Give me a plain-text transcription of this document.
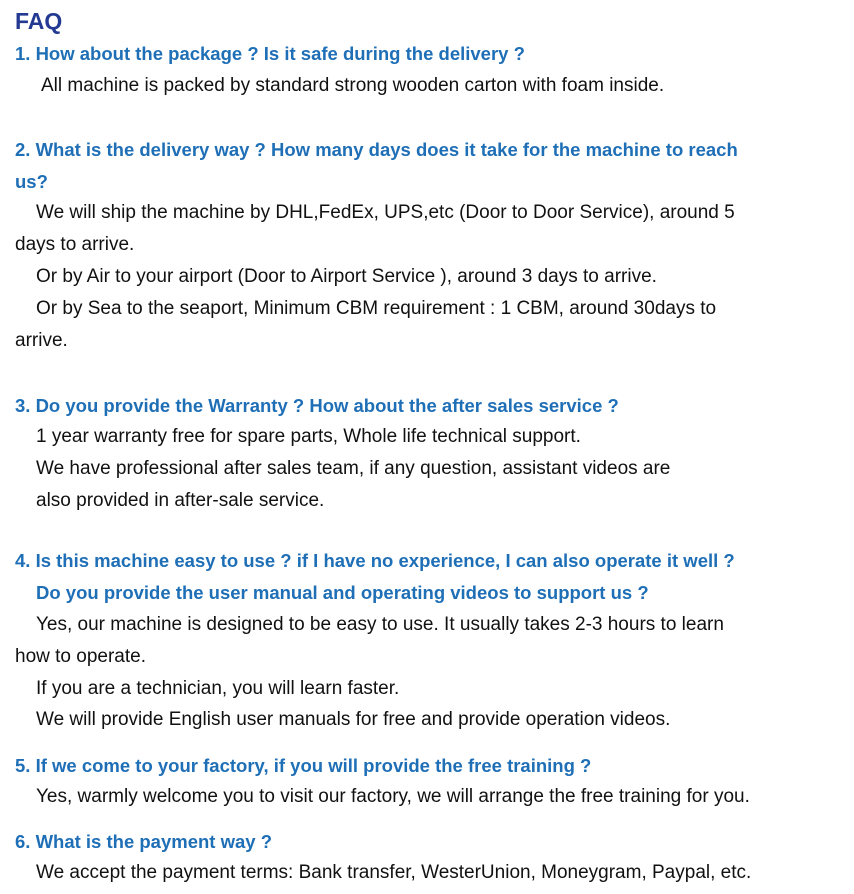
FAQ

1. How about the package ? Is it safe during the delivery ?

All machine is packed by standard strong wooden carton with foam inside.

2. What is the delivery way ? How many days does it take for the machine to reach

us?

We will ship the machine by DHL,FedEx, UPS,etc (Door to Door Service), around 5

days to arrive.

Or by Air to your airport (Door to Airport Service ), around 3 days to arrive.

Or by Sea to the seaport, Minimum CBM requirement : 1 CBM, around 30days to

arrive.

3. Do you provide the Warranty ? How about the after sales service ?

1 year warranty free for spare parts, Whole life technical support.

We have professional after sales team, if any question, assistant videos are

also provided in after-sale service.

4. Is this machine easy to use ? if I have no experience, I can also operate it well ?

Do you provide the user manual and operating videos to support us ?

Yes, our machine is designed to be easy to use. It usually takes 2-3 hours to learn

how to operate.

If you are a technician, you will learn faster.

We will provide English user manuals for free and provide operation videos.

5. If we come to your factory, if you will provide the free training ?

Yes, warmly welcome you to visit our factory, we will arrange the free training for you.

6. What is the payment way ?

We accept the payment terms: Bank transfer, WesterUnion, Moneygram, Paypal, etc.
